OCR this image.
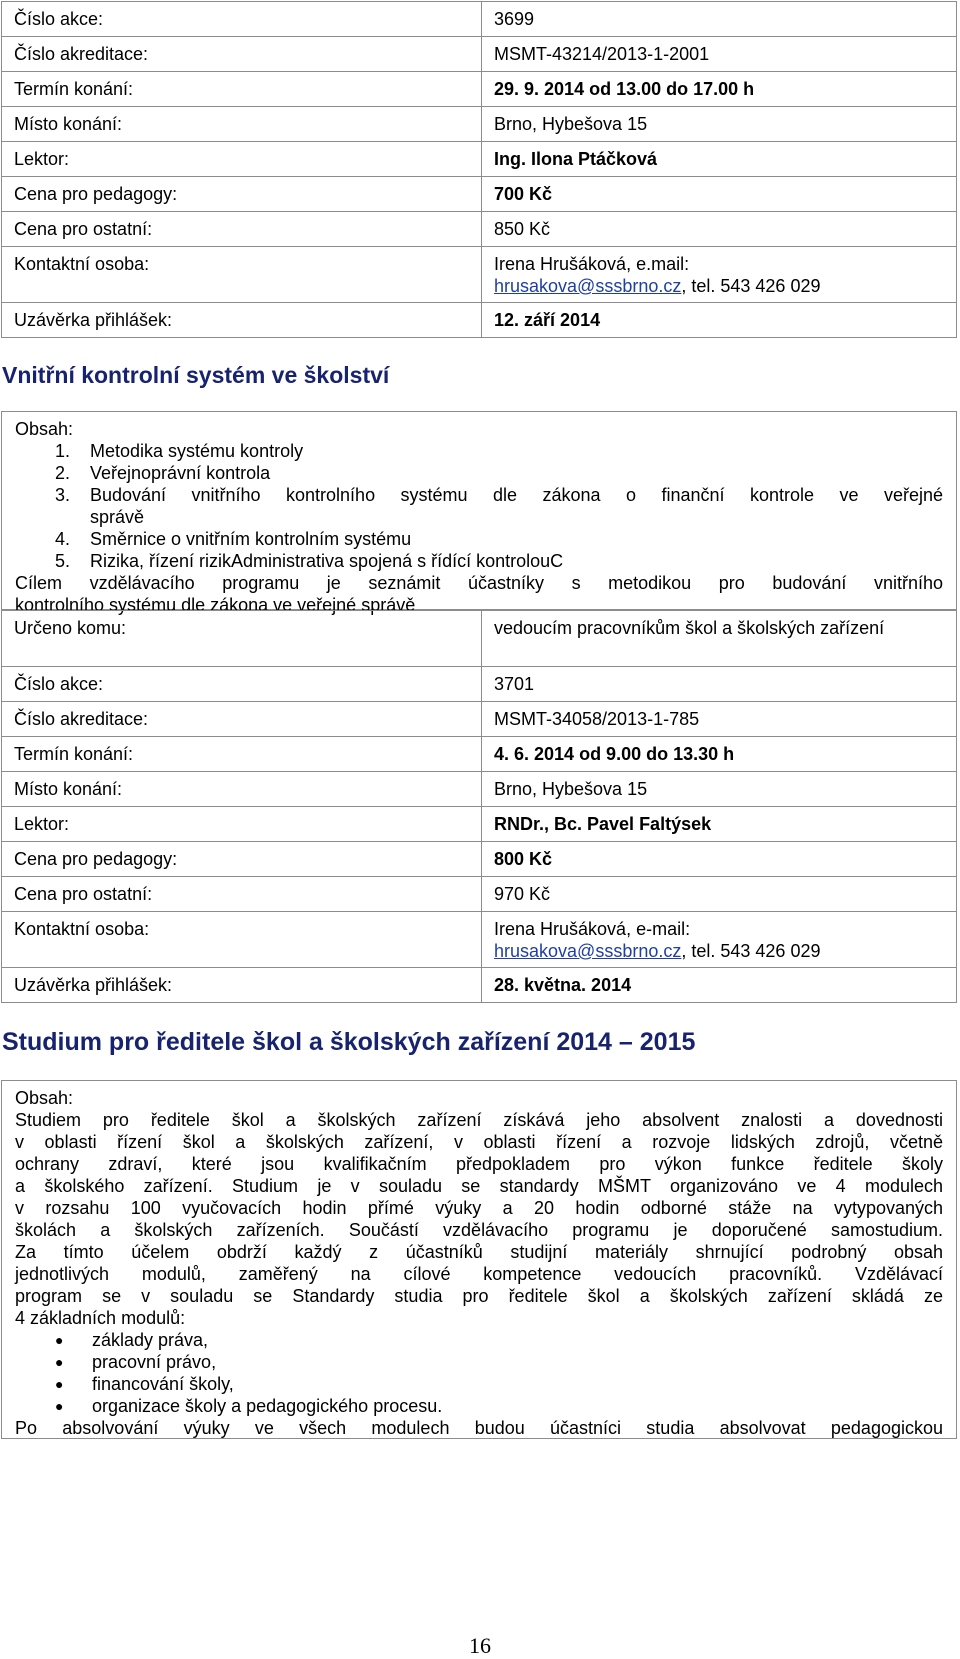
Číslo akce:	3699
Číslo akreditace:	MSMT-43214/2013-1-2001
Termín konání:	29. 9. 2014 od 13.00 do 17.00 h
Místo konání:	Brno, Hybešova 15
Lektor:	Ing. Ilona Ptáčková
Cena pro pedagogy:	700 Kč
Cena pro ostatní:	850 Kč
Kontaktní osoba:	Irena Hrušáková, e.mail:
hrusakova@sssbrno.cz, tel. 543 426 029
Uzávěrka přihlášek:	12. září 2014
Vnitřní kontrolní systém ve školství

Obsah:

1.	Metodika systému kontroly
2.	Veřejnoprávní kontrola
3.	Budování vnitřního kontrolního systému dle zákona o finanční kontrole ve veřejné
správě
4.	Směrnice o vnitřním kontrolním systému
5.	Rizika, řízení rizikAdministrativa spojená s řídící kontrolouC

Cílem vzdělávacího programu je seznámit účastníky s metodikou pro budování vnitřního

kontrolního systému dle zákona ve veřejné správě

Určeno komu:	vedoucím pracovníkům škol a školských zařízení
Číslo akce:	3701
Číslo akreditace:	MSMT-34058/2013-1-785
Termín konání:	4. 6. 2014 od 9.00 do 13.30 h
Místo konání:	Brno, Hybešova 15
Lektor:	RNDr., Bc. Pavel Faltýsek
Cena pro pedagogy:	800 Kč
Cena pro ostatní:	970 Kč
Kontaktní osoba:	Irena Hrušáková, e-mail:
hrusakova@sssbrno.cz, tel. 543 426 029
Uzávěrka přihlášek:	28. května. 2014
Studium pro ředitele škol a školských zařízení 2014 – 2015

Obsah:

Studiem pro ředitele škol a školských zařízení získává jeho absolvent znalosti a dovednosti

v oblasti řízení škol a školských zařízení, v oblasti řízení a rozvoje lidských zdrojů, včetně

ochrany zdraví, které jsou kvalifikačním předpokladem pro výkon funkce ředitele školy

a školského zařízení. Studium je v souladu se standardy MŠMT organizováno ve 4 modulech

v rozsahu 100 vyučovacích hodin přímé výuky a 20 hodin odborné stáže na vytypovaných

školách a školských zařízeních. Součástí vzdělávacího programu je doporučené samostudium.

Za tímto účelem obdrží každý z účastníků studijní materiály shrnující podrobný obsah

jednotlivých modulů, zaměřený na cílové kompetence vedoucích pracovníků. Vzdělávací

program se v souladu se Standardy studia pro ředitele škol a školských zařízení skládá ze

4 základních modulů:

●	základy práva,
●	pracovní právo,
●	financování školy,
●	organizace školy a pedagogického procesu.

Po absolvování výuky ve všech modulech budou účastníci studia absolvovat pedagogickou

16
